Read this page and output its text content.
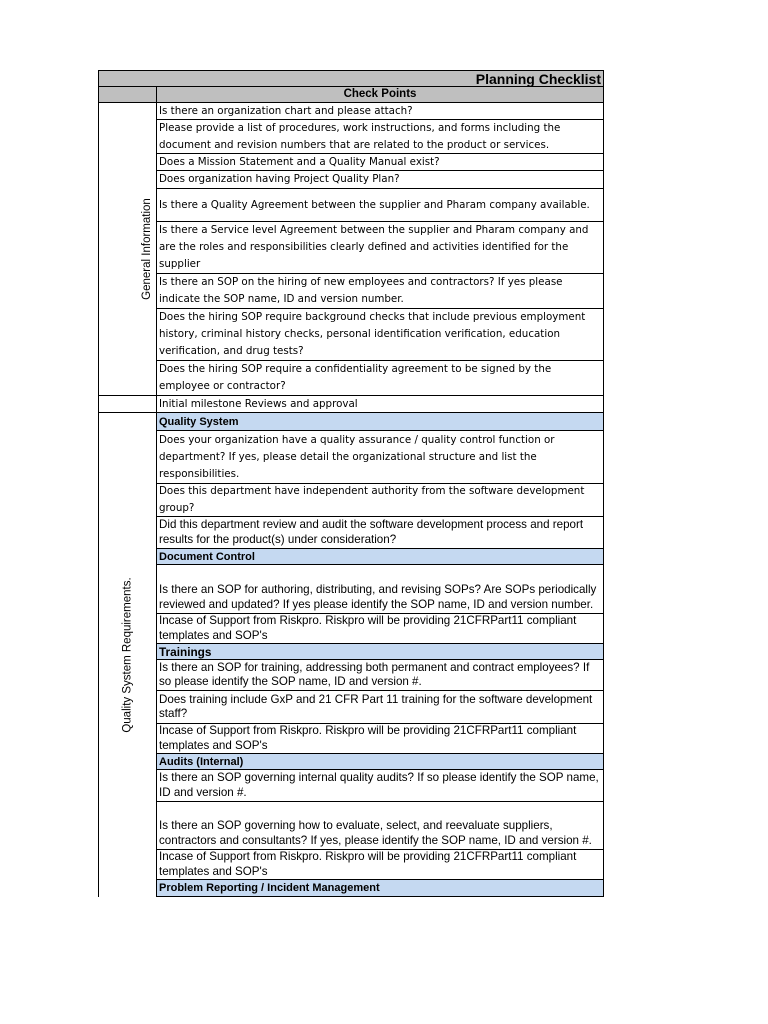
Planning Checklist
Check Points
General Information
Is there an organization chart and please attach?
Please provide a list of procedures, work instructions, and forms including the document and revision numbers that are related to the product or services.
Does a Mission Statement and a Quality Manual exist?
Does organization having Project Quality Plan?
Is there a Quality Agreement between the supplier and Pharam company available.
Is there a Service level Agreement between the supplier and Pharam company and are the roles and responsibilities clearly defined and activities identified for the supplier
Is there an SOP on the hiring of new employees and contractors? If yes please indicate the SOP name, ID and version number.
Does the hiring SOP require background checks that include previous employment history, criminal history checks, personal identification verification, education verification, and drug tests?
Does the hiring SOP require a confidentiality agreement to be signed by the employee or contractor?
Initial milestone Reviews and approval
Quality System Requirements.
Quality System
Does your organization have a quality assurance / quality control function or department? If yes, please detail the organizational structure and list the responsibilities.
Does this department have independent authority from the software development group?
Did this department review and audit the software development process and report results for the product(s) under consideration?
Document Control
Is there an SOP for authoring, distributing, and revising SOPs? Are SOPs periodically reviewed and updated? If yes please identify the SOP name, ID and version number.
Incase of Support from Riskpro. Riskpro will be providing 21CFRPart11 compliant templates and SOP's
Trainings
Is there an SOP for training, addressing both permanent and contract employees? If so please identify the SOP name, ID and version #.
Does training include GxP and 21 CFR Part 11 training for the software development staff?
Incase of Support from Riskpro. Riskpro will be providing 21CFRPart11 compliant templates and SOP's
Audits (Internal)
Is there an SOP governing internal quality audits? If so please identify the SOP name, ID and version #.
Is there an SOP governing how to evaluate, select, and reevaluate suppliers, contractors and consultants? If yes, please identify the SOP name, ID and version #.
Incase of Support from Riskpro. Riskpro will be providing 21CFRPart11 compliant templates and SOP's
Problem Reporting / Incident Management
